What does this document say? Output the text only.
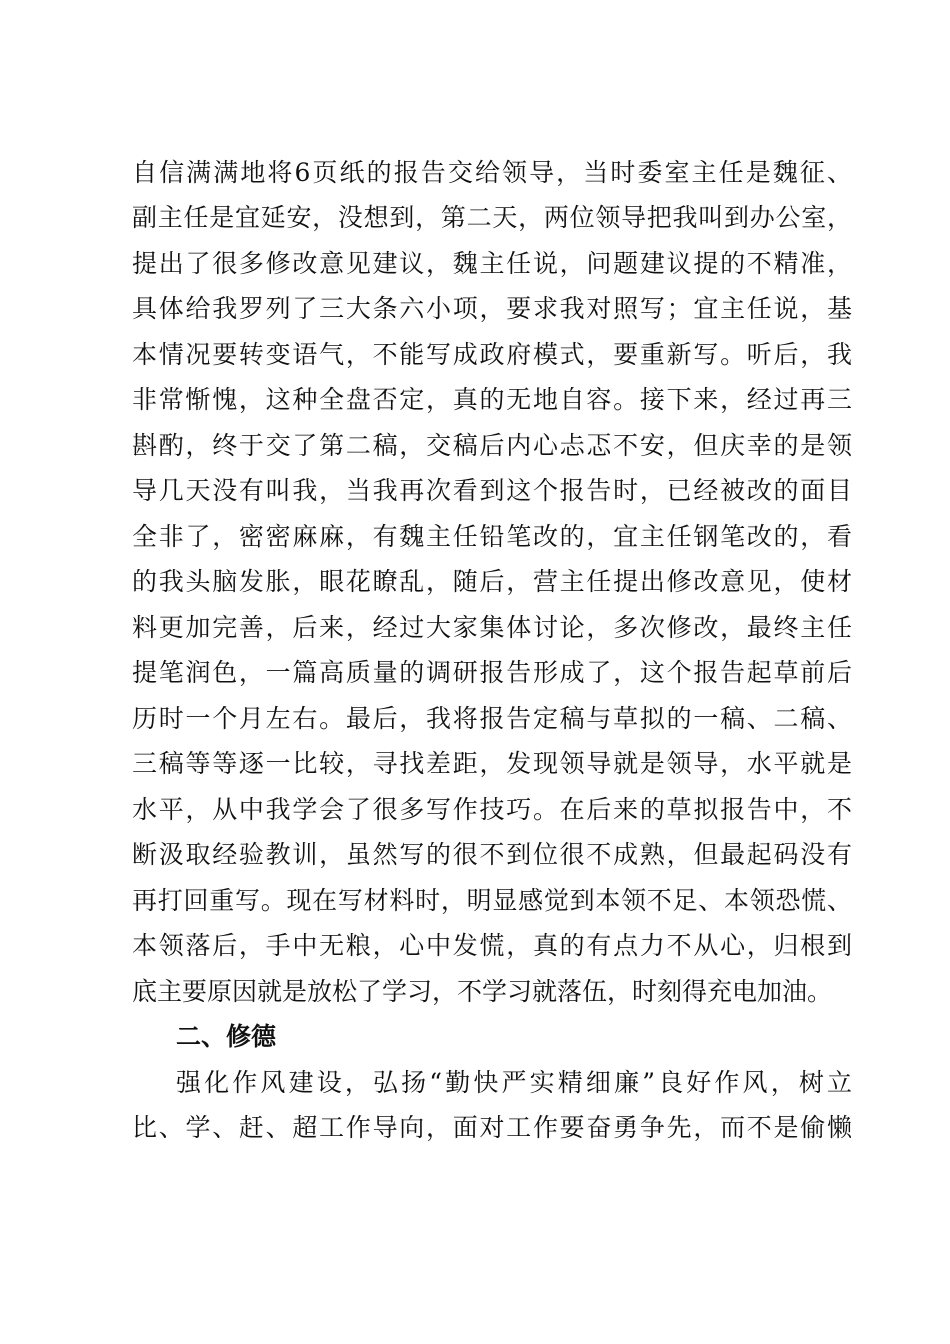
自信满满地将6页纸的报告交给领导，当时委室主任是魏征、
副主任是宜延安，没想到，第二天，两位领导把我叫到办公室，
提出了很多修改意见建议，魏主任说，问题建议提的不精准，
具体给我罗列了三大条六小项，要求我对照写；宜主任说，基
本情况要转变语气，不能写成政府模式，要重新写。听后，我
非常惭愧，这种全盘否定，真的无地自容。接下来，经过再三
斟酌，终于交了第二稿，交稿后内心忐忑不安，但庆幸的是领
导几天没有叫我，当我再次看到这个报告时，已经被改的面目
全非了，密密麻麻，有魏主任铅笔改的，宜主任钢笔改的，看
的我头脑发胀，眼花瞭乱，随后，营主任提出修改意见，使材
料更加完善，后来，经过大家集体讨论，多次修改，最终主任
提笔润色，一篇高质量的调研报告形成了，这个报告起草前后
历时一个月左右。最后，我将报告定稿与草拟的一稿、二稿、
三稿等等逐一比较，寻找差距，发现领导就是领导，水平就是
水平，从中我学会了很多写作技巧。在后来的草拟报告中，不
断汲取经验教训，虽然写的很不到位很不成熟，但最起码没有
再打回重写。现在写材料时，明显感觉到本领不足、本领恐慌、
本领落后，手中无粮，心中发慌，真的有点力不从心，归根到
底主要原因就是放松了学习，不学习就落伍，时刻得充电加油。
二、修德
强化作风建设，弘扬“勤快严实精细廉”良好作风，树立
比、学、赶、超工作导向，面对工作要奋勇争先，而不是偷懒
